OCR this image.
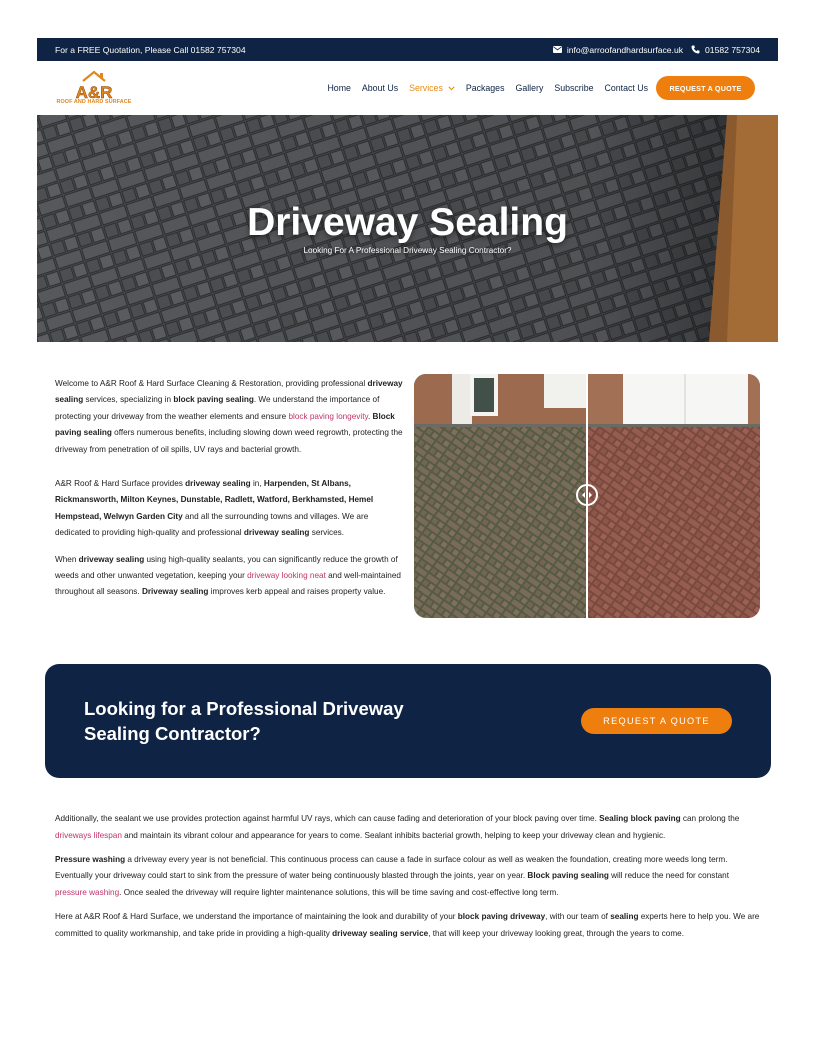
For a FREE Quotation, Please Call 01582 757304	info@arroofandhardsurface.uk	01582 757304
A&R
ROOF AND HARD SURFACE
Home About Us Services	Packages Gallery Subscribe Contact Us	REQUEST A QUOTE
Driveway Sealing
Looking For A Professional Driveway Sealing Contractor?

Welcome to A&R Roof & Hard Surface Cleaning & Restoration, providing professional driveway sealing services, specializing in block paving sealing. We understand the importance of protecting your driveway from the weather elements and ensure block paving longevity. Block paving sealing offers numerous benefits, including slowing down weed regrowth, protecting the driveway from penetration of oil spills, UV rays and bacterial growth.

A&R Roof & Hard Surface provides driveway sealing in, Harpenden, St Albans, Rickmansworth, Milton Keynes, Dunstable, Radlett, Watford, Berkhamsted, Hemel Hempstead, Welwyn Garden City and all the surrounding towns and villages. We are dedicated to providing high-quality and professional driveway sealing services.

When driveway sealing using high-quality sealants, you can significantly reduce the growth of weeds and other unwanted vegetation, keeping your driveway looking neat and well-maintained throughout all seasons. Driveway sealing improves kerb appeal and raises property value.

Looking for a Professional Driveway Sealing Contractor?
REQUEST A QUOTE

Additionally, the sealant we use provides protection against harmful UV rays, which can cause fading and deterioration of your block paving over time. Sealing block paving can prolong the driveways lifespan and maintain its vibrant colour and appearance for years to come. Sealant inhibits bacterial growth, helping to keep your driveway clean and hygienic.

Pressure washing a driveway every year is not beneficial. This continuous process can cause a fade in surface colour as well as weaken the foundation, creating more weeds long term. Eventually your driveway could start to sink from the pressure of water being continuously blasted through the joints, year on year. Block paving sealing will reduce the need for constant pressure washing. Once sealed the driveway will require lighter maintenance solutions, this will be time saving and cost-effective long term.

Here at A&R Roof & Hard Surface, we understand the importance of maintaining the look and durability of your block paving driveway, with our team of sealing experts here to help you. We are committed to quality workmanship, and take pride in providing a high-quality driveway sealing service, that will keep your driveway looking great, through the years to come.
